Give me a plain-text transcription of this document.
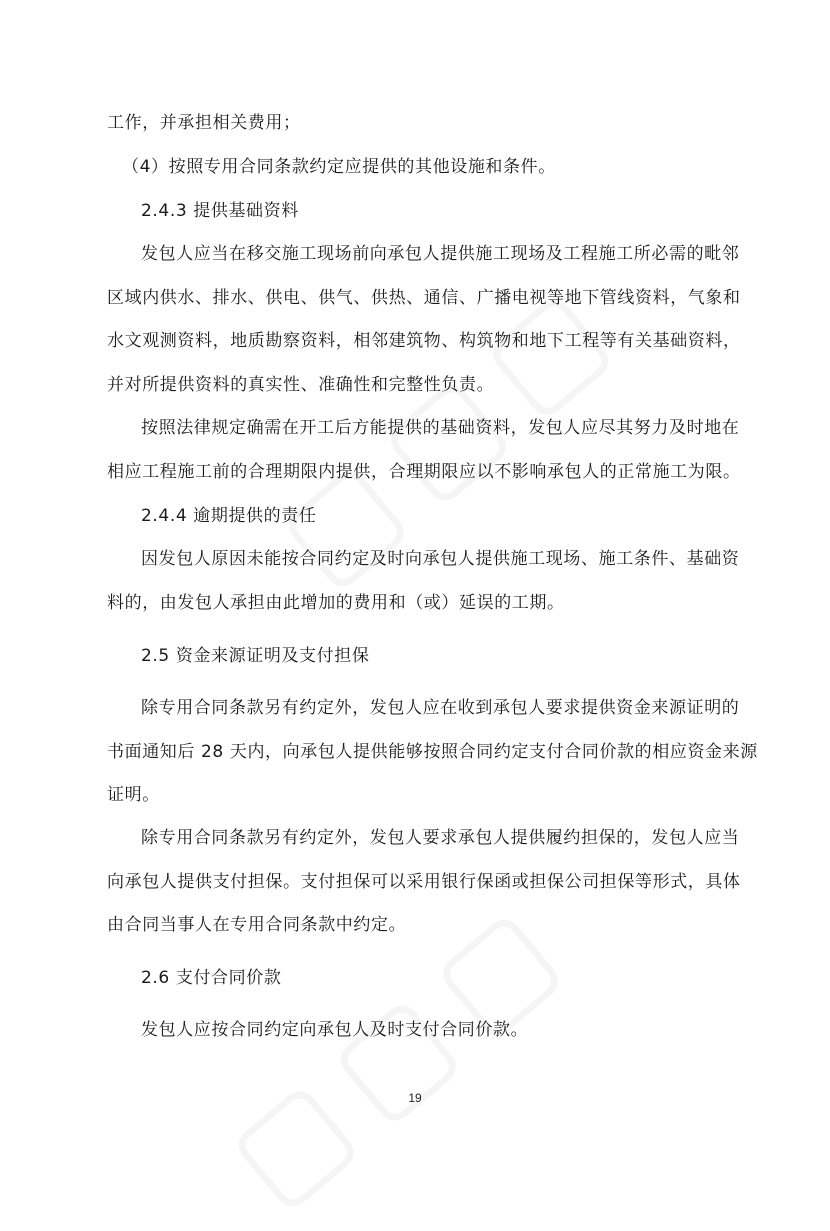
工作，并承担相关费用；
（4）按照专用合同条款约定应提供的其他设施和条件。
2.4.3 提供基础资料
发包人应当在移交施工现场前向承包人提供施工现场及工程施工所必需的毗邻
区域内供水、排水、供电、供气、供热、通信、广播电视等地下管线资料，气象和
水文观测资料，地质勘察资料，相邻建筑物、构筑物和地下工程等有关基础资料，
并对所提供资料的真实性、准确性和完整性负责。
按照法律规定确需在开工后方能提供的基础资料，发包人应尽其努力及时地在
相应工程施工前的合理期限内提供，合理期限应以不影响承包人的正常施工为限。
2.4.4 逾期提供的责任
因发包人原因未能按合同约定及时向承包人提供施工现场、施工条件、基础资
料的，由发包人承担由此增加的费用和（或）延误的工期。
2.5 资金来源证明及支付担保
除专用合同条款另有约定外，发包人应在收到承包人要求提供资金来源证明的
书面通知后 28 天内，向承包人提供能够按照合同约定支付合同价款的相应资金来源
证明。
除专用合同条款另有约定外，发包人要求承包人提供履约担保的，发包人应当
向承包人提供支付担保。支付担保可以采用银行保函或担保公司担保等形式，具体
由合同当事人在专用合同条款中约定。
2.6 支付合同价款
发包人应按合同约定向承包人及时支付合同价款。
19
